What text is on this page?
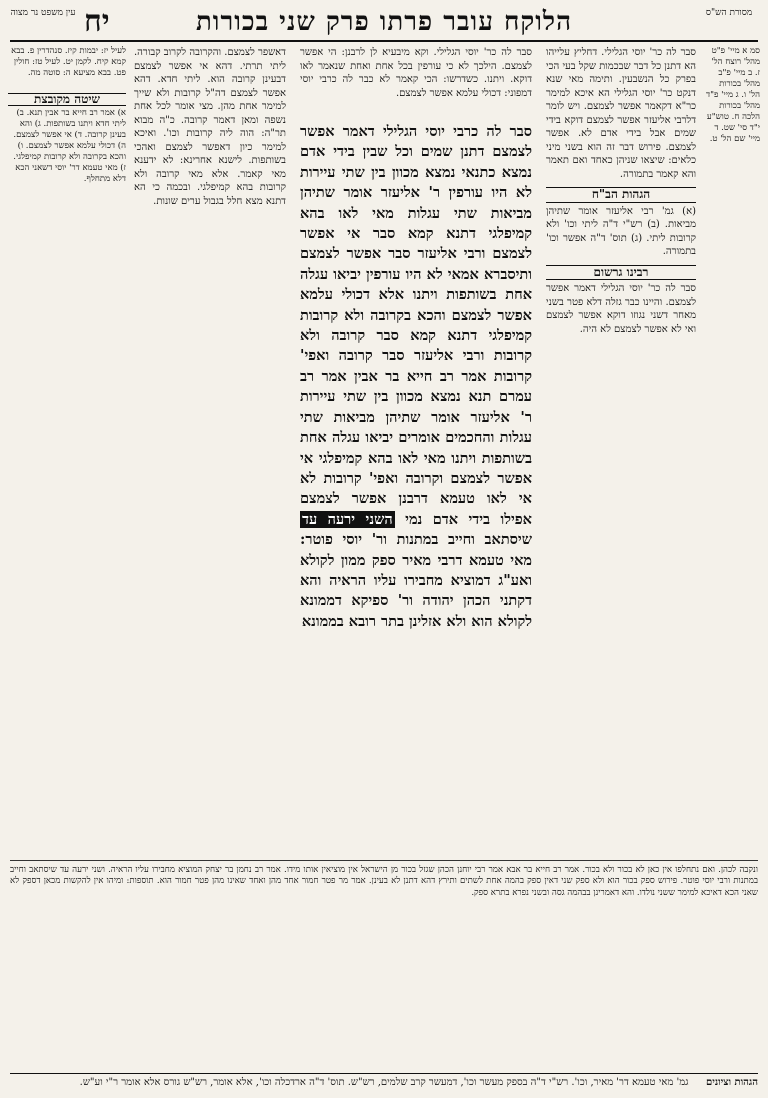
מסורת הש"ס
הלוקח עובר פרתו פרק שני בכורות
יח
עין משפט נר מצוה

סמ א מיי' פ"ט מהל' רוצח הל' ז. ב מיי' פ"ב מהל' בכורות הל' ו. ג מיי' פ"ד מהל' בכורות הלכה ח. טוש"ע י"ד סי' שט. ד מיי' שם הל' ט.

סבר לה כר' יוסי הגלילי. דחליץ עלייהו הא דתנן כל דבר שבכמות שקל בעי הכי בפרק כל הנשבעין. ותימה מאי שנא דנקט כר' יוסי הגלילי הא איכא למימר כר"א דקאמר אפשר לצמצם. ויש לומר דלרבי אליעזר אפשר לצמצם דוקא בידי שמים אבל בידי אדם לא. אפשר לצמצם. פירוש דבר זה הוא בשני מיני כלאים: שיצאו שניהן כאחד ואם תאמר והא קאמר בתמורה.

הגהות הב"ח

(א) גמ' רבי אליעזר אומר שתיהן מביאות. (ב) רש"י ד"ה ליתי וכו' ולא קרובות ליתי. (ג) תוס' ד"ה אפשר וכו' בתמורה.

רבינו גרשום

סבר לה כר' יוסי הגלילי דאמר אפשר לצמצם. והיינו כבר גזלה דלא פטר בשני מאחר דשני נגוזו דוקא אפשר לצמצם ואי לא אפשר לצמצם לא היה.

סבר לה כר' יוסי הגלילי. וקא מיבעיא לן לרבנן: הי אפשר לצמצם. הילכך לא כי עורפין בכל אחת ואחת שנאמר לאו דוקא. ויתנו. כשדרשו: הכי קאמר לא כבר לה כרבי יוסי דמפוני: דכולי עלמא אפשר לצמצם.

סבר לה כרבי יוסי הגלילי דאמר אפשר לצמצם דתנן שמים וכל שבין בידי אדם נמצא כתנאי נמצא מכוון בין שתי עיירות לא היו עורפין ר' אליעזר אומר שתיהן מביאות שתי עגלות מאי לאו בהא קמיפלגי דתנא קמא סבר אי אפשר לצמצם ורבי אליעזר סבר אפשר לצמצם ותיסברא אמאי לא היו עורפין יביאו עגלה אחת בשותפות ויתנו אלא דכולי עלמא אפשר לצמצם והכא בקרובה ולא קרובות קמיפלגי דתנא קמא סבר קרובה ולא קרובות ורבי אליעזר סבר קרובה ואפי' קרובות אמר רב חייא בר אבין אמר רב עמרם תנא נמצא מכוון בין שתי עיירות ר' אליעזר אומר שתיהן מביאות שתי עגלות והחכמים אומרים יביאו עגלה אחת בשותפות ויתנו מאי לאו בהא קמיפלגי אי אפשר לצמצם וקרובה ואפי' קרובות לא אי לאו טעמא דרבנן אפשר לצמצם אפילו בידי אדם נמי השני ירעה עד שיסתאב וחייב במתנות ור' יוסי פוטר: מאי טעמא דרבי מאיר ספק ממון לקולא ואע"ג דמוציא מחבירו עליו הראיה והא דקתני הכהן יהודה ור' ספיקא דממונא לקולא הוא ולא אזלינן בתר רובא בממונא

דאשפר לצמצם. והקרובה לקרוב קבורה. ליתי תרתי. דהא אי אפשר לצמצם דבעינן קרובה הוא. ליתי חדא. דהא אפשר לצמצם דה"ל קרובות ולא שייך למימר אחת מהן. מצי אומר לכל אחת נשפה ומאן דאמר קרובה. כ"ה מבוא תר"ה: הוה ליה קרובות וכו'. ואיכא למימר כיון דאפשר לצמצם ואהכי בשותפות. לישנא אחרינא: לא ידענא מאי קאמר. אלא מאי קרובה ולא קרובות בהא קמיפלגי. ובכמה כי הא דתנא מצא חלל בגבול ערים שונות.

לעיל יז: יבמות קיז. סנהדרין פ. בבא קמא קיח. לקמן יט. לעיל טז: חולין פט. בבא מציעא ה: סוטה מה.

שיטה מקובצת

א) אמר רב חייא בר אבין תנא. ב) ליתי חדא ויתנו בשותפות. ג) והא בעינן קרובה. ד) אי אפשר לצמצם. ה) דכולי עלמא אפשר לצמצם. ו) והכא בקרובה ולא קרובות קמיפלגי. ז) מאי טעמא דר' יוסי דשאני הכא דלא מתחלף.

ונקבה לכהן. ואם נתחלפו אין כאן לא בכור ולא בכור. אמר רב חייא בר אבא אמר רבי יוחנן הכהן שגזל בכור מן הישראל אין מוציאין אותו מידו. אמר רב נחמן בר יצחק המוציא מחבירו עליו הראיה. ושני ירעה עד שיסתאב וחייב במתנות ורבי יוסי פוטר. פירוש ספק בכור הוא ולא ספק שני דאין ספק בהמה אחת לשתים ותירץ דהא דתנן לא בעינן. אמר מר פטר חמור אחד מהן ואחד שאינו מהן פטר חמור הוא. תוספות: ומיהו אין להקשות מכאן דספק לא שאני הכא דאיכא למימר ששני נולדו. והא דאמרינן בבהמה גסה ובשני נפרא בתרא ספק.

הגהות וציונים גמ' מאי טעמא דר' מאיר, וכו'. רש"י ד"ה בספק מעשר וכו', דמעשר קרב שלמים, רש"ש. תוס' ד"ה ארדכלה וכו', אלא אומר, רש"ש גורס אלא אומר ר"י וע"ש.
